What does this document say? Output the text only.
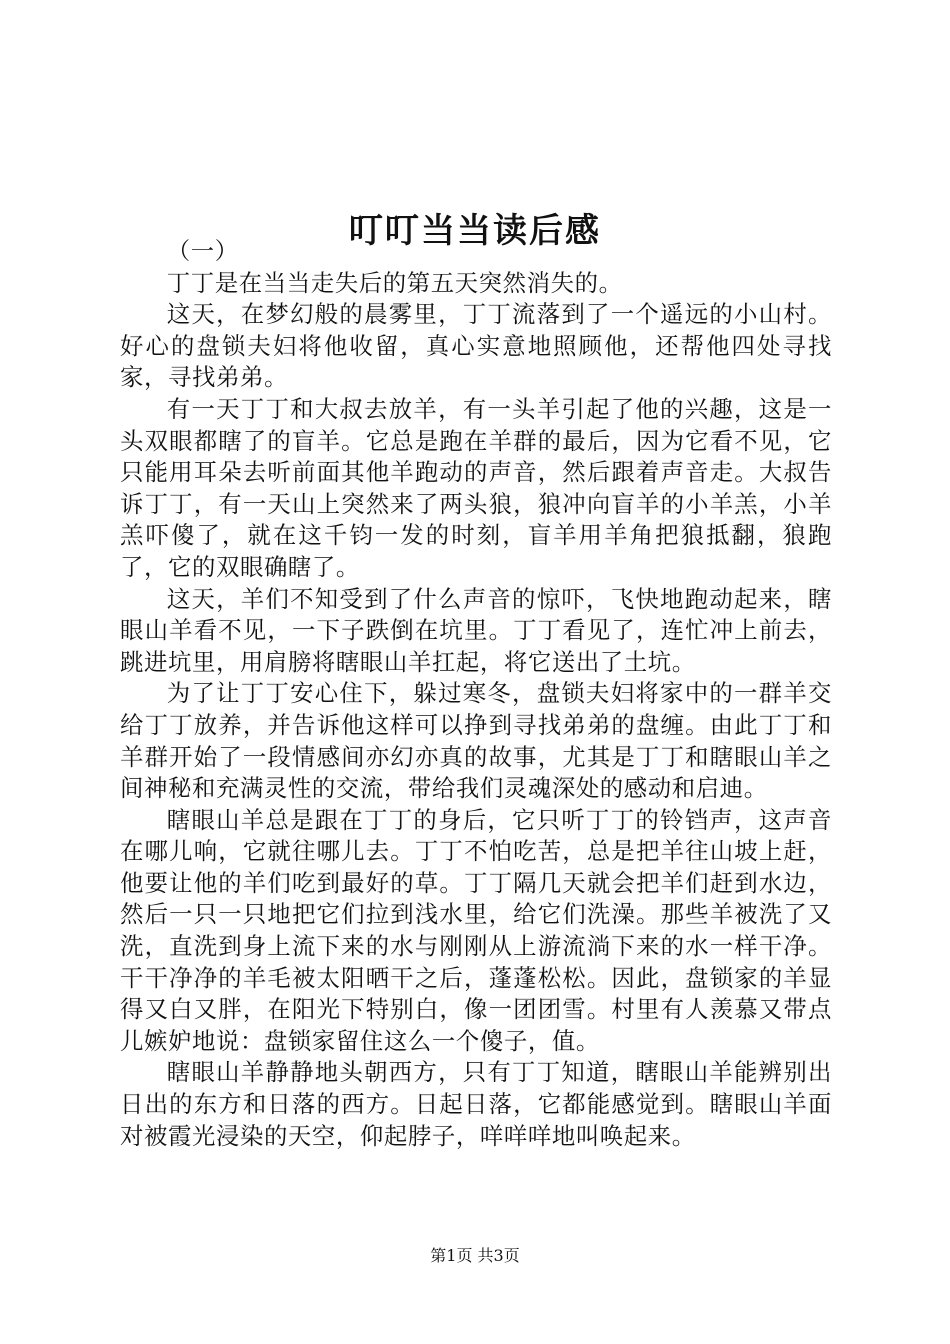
叮叮当当读后感

（一）

丁丁是在当当走失后的第五天突然消失的。

这天，在梦幻般的晨雾里，丁丁流落到了一个遥远的小山村。好心的盘锁夫妇将他收留，真心实意地照顾他，还帮他四处寻找家，寻找弟弟。

有一天丁丁和大叔去放羊，有一头羊引起了他的兴趣，这是一头双眼都瞎了的盲羊。它总是跑在羊群的最后，因为它看不见，它只能用耳朵去听前面其他羊跑动的声音，然后跟着声音走。大叔告诉丁丁，有一天山上突然来了两头狼，狼冲向盲羊的小羊羔，小羊羔吓傻了，就在这千钧一发的时刻，盲羊用羊角把狼抵翻，狼跑了，它的双眼确瞎了。

这天，羊们不知受到了什么声音的惊吓，飞快地跑动起来，瞎眼山羊看不见，一下子跌倒在坑里。丁丁看见了，连忙冲上前去，跳进坑里，用肩膀将瞎眼山羊扛起，将它送出了土坑。

为了让丁丁安心住下，躲过寒冬，盘锁夫妇将家中的一群羊交给丁丁放养，并告诉他这样可以挣到寻找弟弟的盘缠。由此丁丁和羊群开始了一段情感间亦幻亦真的故事，尤其是丁丁和瞎眼山羊之间神秘和充满灵性的交流，带给我们灵魂深处的感动和启迪。

瞎眼山羊总是跟在丁丁的身后，它只听丁丁的铃铛声，这声音在哪儿响，它就往哪儿去。丁丁不怕吃苦，总是把羊往山坡上赶，他要让他的羊们吃到最好的草。丁丁隔几天就会把羊们赶到水边，然后一只一只地把它们拉到浅水里，给它们洗澡。那些羊被洗了又洗，直洗到身上流下来的水与刚刚从上游流淌下来的水一样干净。干干净净的羊毛被太阳晒干之后，蓬蓬松松。因此，盘锁家的羊显得又白又胖，在阳光下特别白，像一团团雪。村里有人羡慕又带点儿嫉妒地说：盘锁家留住这么一个傻子，值。

瞎眼山羊静静地头朝西方，只有丁丁知道，瞎眼山羊能辨别出日出的东方和日落的西方。日起日落，它都能感觉到。瞎眼山羊面对被霞光浸染的天空，仰起脖子，咩咩咩地叫唤起来。

第1页 共3页
